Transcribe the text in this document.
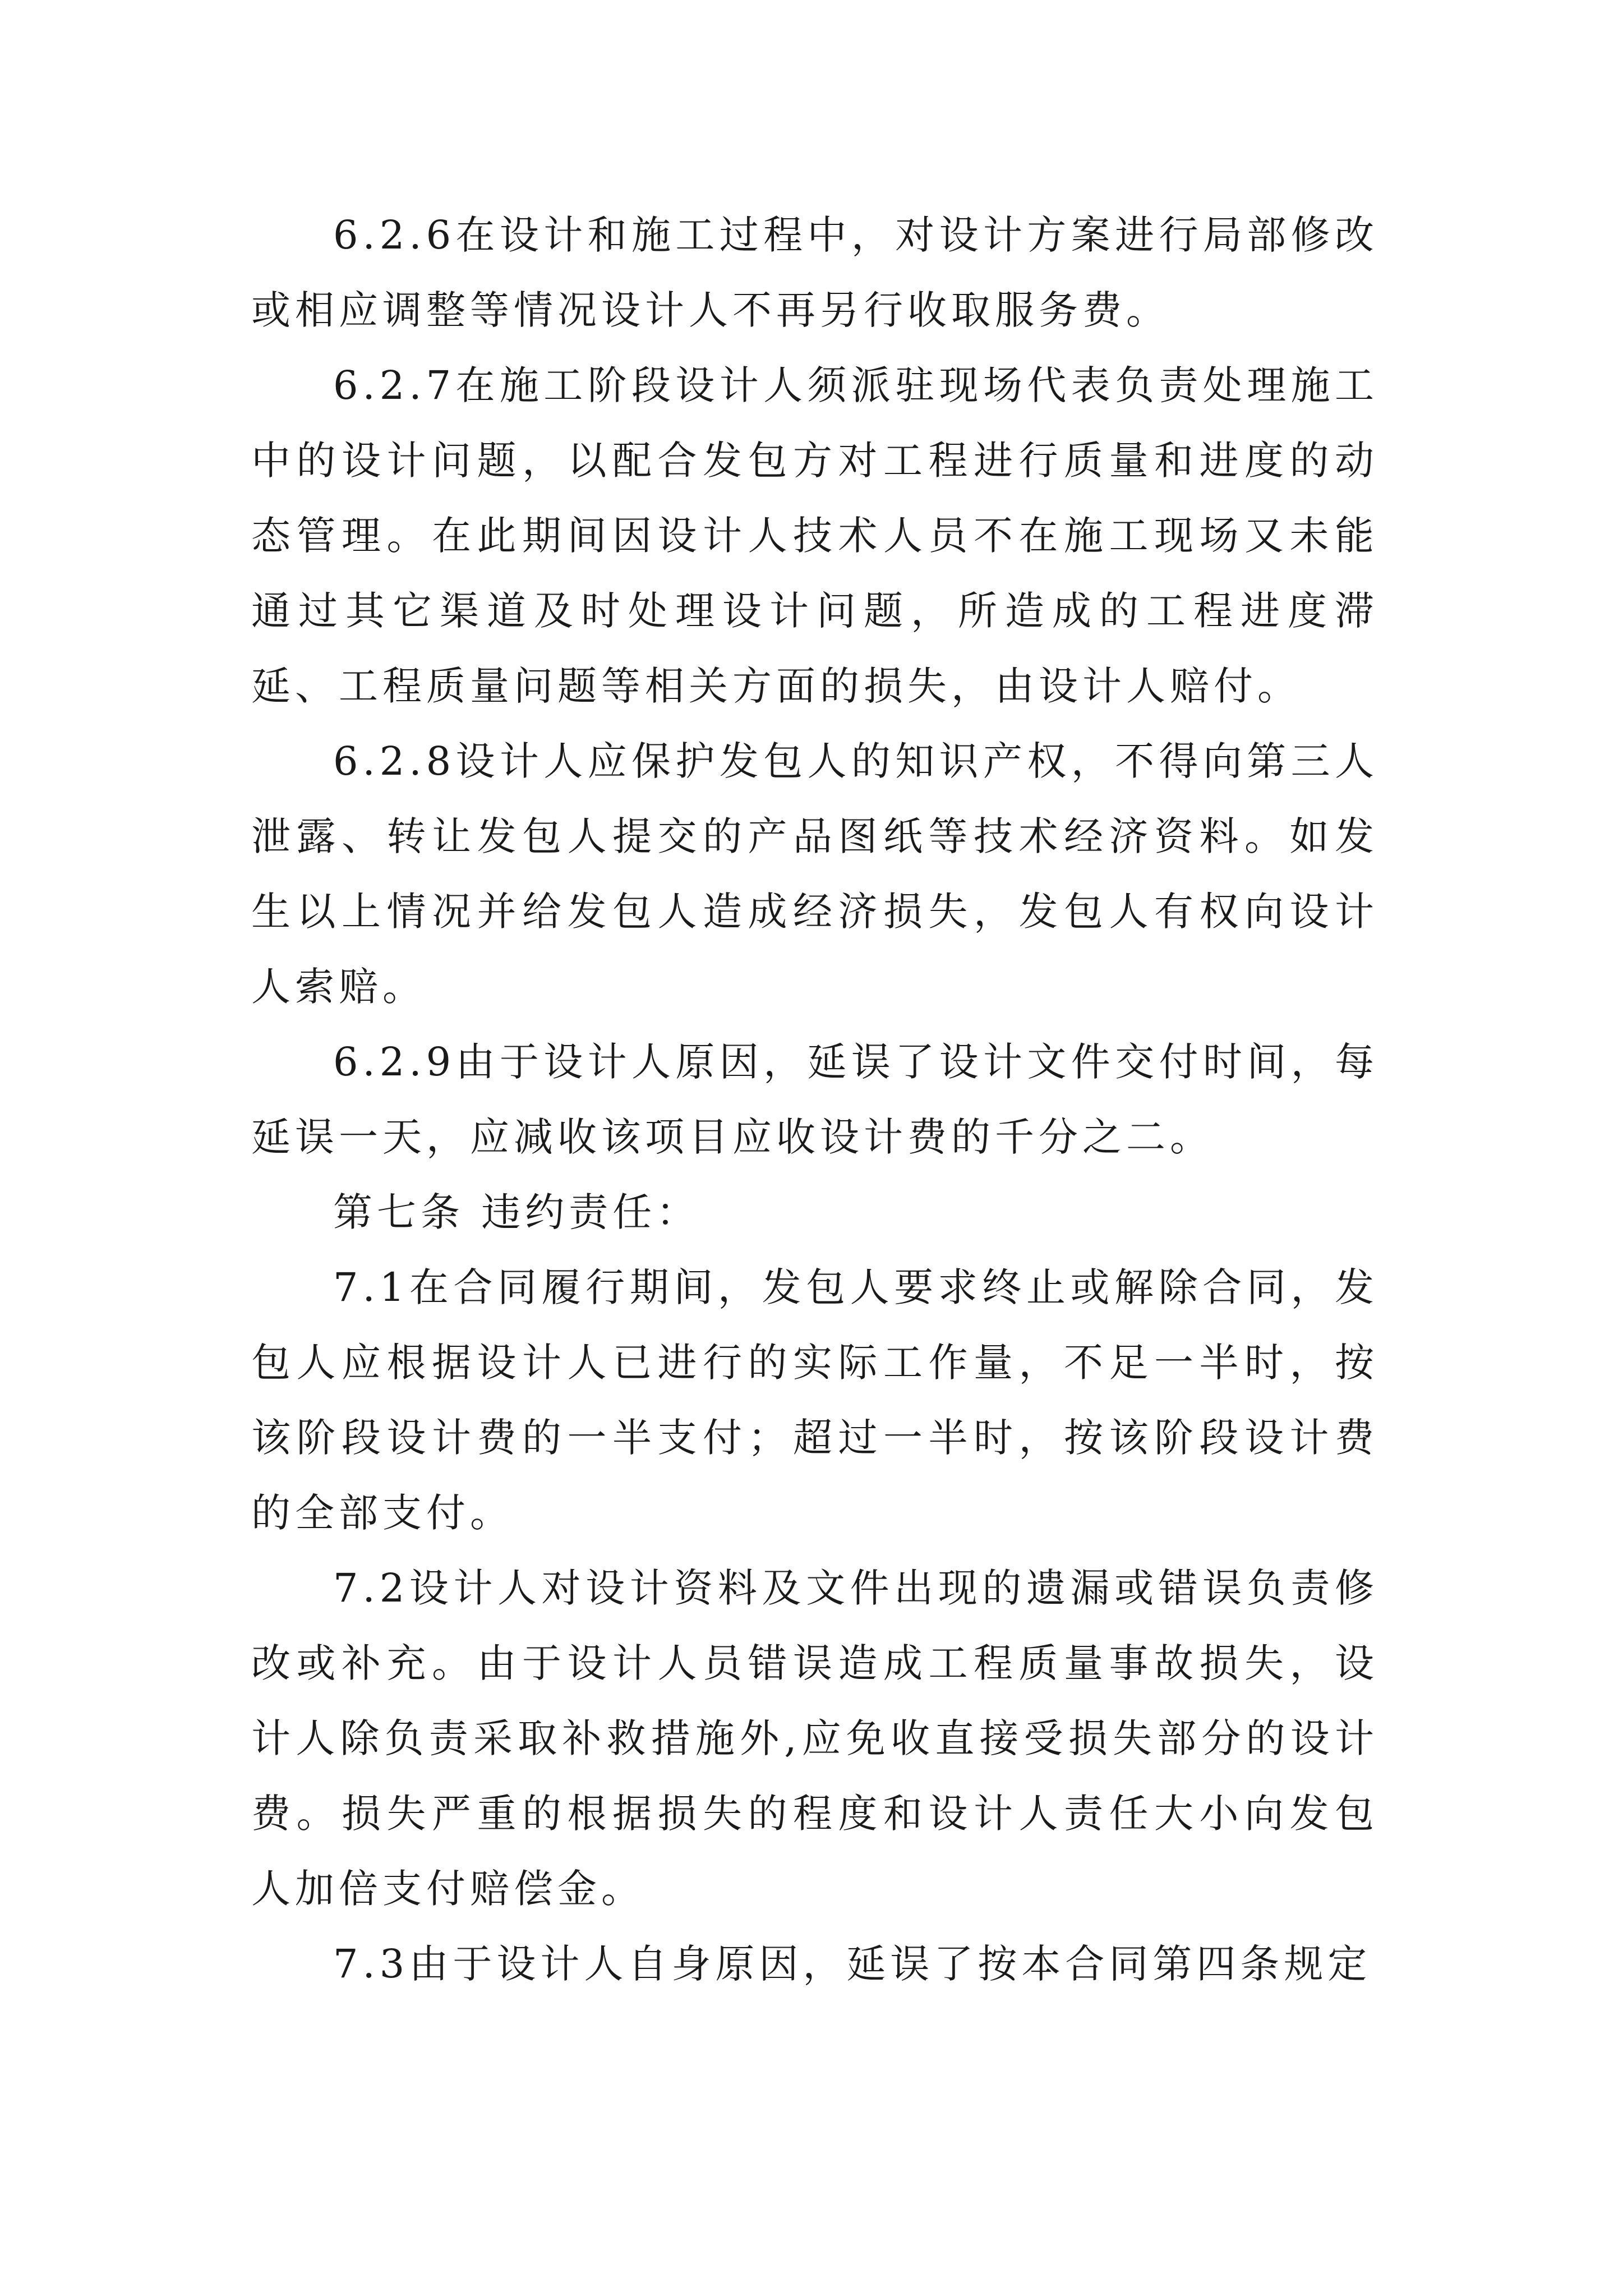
6.2.6在设计和施工过程中，对设计方案进行局部修改或相应调整等情况设计人不再另行收取服务费。

6.2.7在施工阶段设计人须派驻现场代表负责处理施工中的设计问题，以配合发包方对工程进行质量和进度的动态管理。在此期间因设计人技术人员不在施工现场又未能通过其它渠道及时处理设计问题，所造成的工程进度滞延、工程质量问题等相关方面的损失，由设计人赔付。

6.2.8设计人应保护发包人的知识产权，不得向第三人泄露、转让发包人提交的产品图纸等技术经济资料。如发生以上情况并给发包人造成经济损失，发包人有权向设计人索赔。

6.2.9由于设计人原因，延误了设计文件交付时间，每延误一天，应减收该项目应收设计费的千分之二。

第七条 违约责任：

7.1在合同履行期间，发包人要求终止或解除合同，发包人应根据设计人已进行的实际工作量，不足一半时，按该阶段设计费的一半支付；超过一半时，按该阶段设计费的全部支付。

7.2设计人对设计资料及文件出现的遗漏或错误负责修改或补充。由于设计人员错误造成工程质量事故损失，设计人除负责采取补救措施外,应免收直接受损失部分的设计费。损失严重的根据损失的程度和设计人责任大小向发包人加倍支付赔偿金。

7.3由于设计人自身原因，延误了按本合同第四条规定
